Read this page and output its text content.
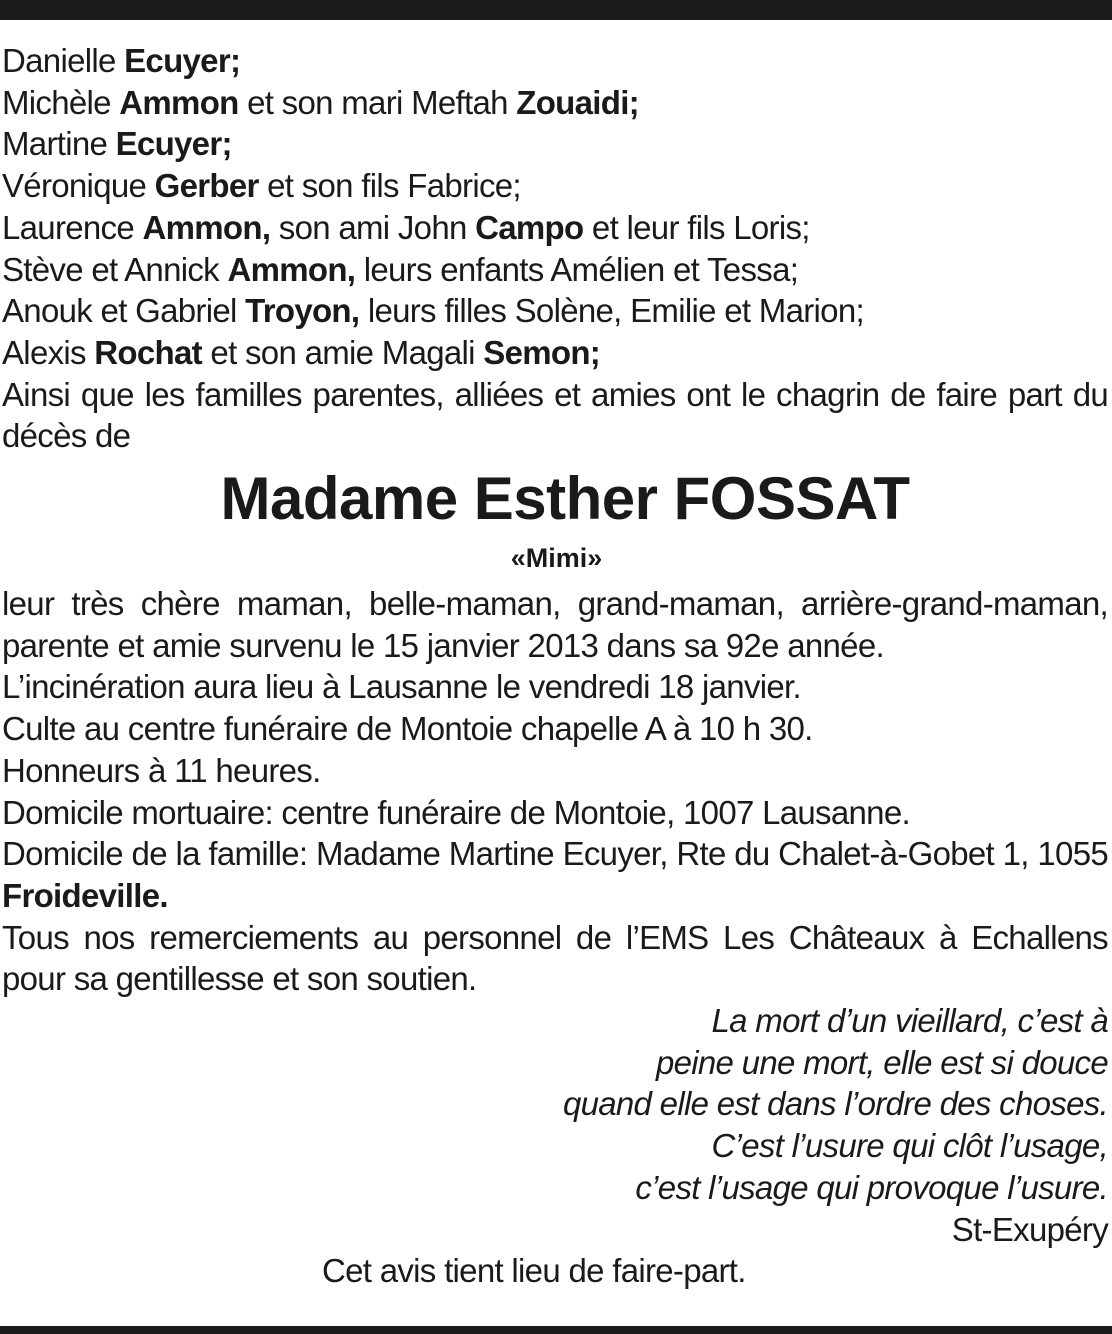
Danielle Ecuyer;
Michèle Ammon et son mari Meftah Zouaidi;
Martine Ecuyer;
Véronique Gerber et son fils Fabrice;
Laurence Ammon, son ami John Campo et leur fils Loris;
Stève et Annick Ammon, leurs enfants Amélien et Tessa;
Anouk et Gabriel Troyon, leurs filles Solène, Emilie et Marion;
Alexis Rochat et son amie Magali Semon;
Ainsi que les familles parentes, alliées et amies ont le chagrin de faire part du décès de
Madame Esther FOSSAT
«Mimi»
leur très chère maman, belle-maman, grand-maman, arrière-grand-maman, parente et amie survenu le 15 janvier 2013 dans sa 92e année.
L’incinération aura lieu à Lausanne le vendredi 18 janvier.
Culte au centre funéraire de Montoie chapelle A à 10 h 30.
Honneurs à 11 heures.
Domicile mortuaire: centre funéraire de Montoie, 1007 Lausanne.
Domicile de la famille: Madame Martine Ecuyer, Rte du Chalet-à-Gobet 1, 1055 Froideville.
Tous nos remerciements au personnel de l’EMS Les Châteaux à Echallens pour sa gentillesse et son soutien.
La mort d’un vieillard, c’est à
peine une mort, elle est si douce
quand elle est dans l’ordre des choses.
C’est l’usure qui clôt l’usage,
c’est l’usage qui provoque l’usure.
St-Exupéry
Cet avis tient lieu de faire-part.
